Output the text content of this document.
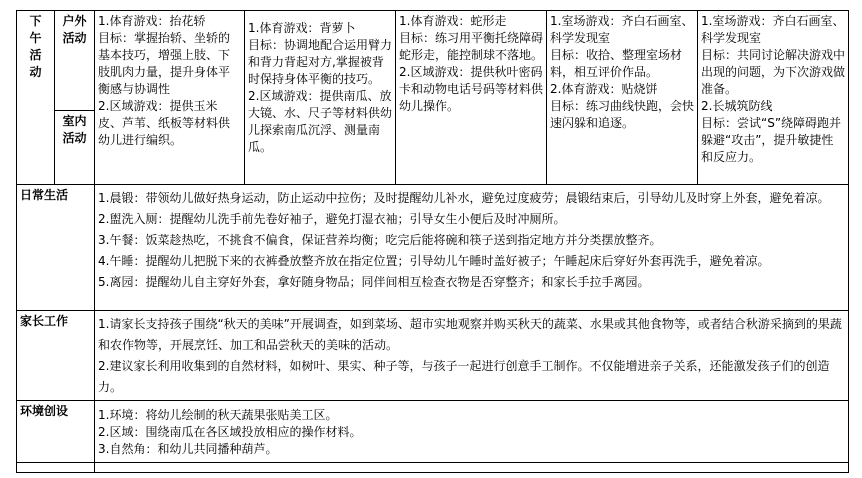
下午活动	户外活动	1.体育游戏：抬花轿
目标：掌握抬轿、坐轿的基本技巧，增强上肢、下肢肌肉力量，提升身体平衡感与协调性
2.区域游戏：提供玉米皮、芦苇、纸板等材料供幼儿进行编织。	1.体育游戏：背萝卜
目标：协调地配合运用臂力和背力背起对方,掌握被背时保持身体平衡的技巧。
2.区域游戏：提供南瓜、放大镜、水、尺子等材料供幼儿探索南瓜沉浮、测量南瓜。	1.体育游戏：蛇形走
目标：练习用平衡托绕障碍蛇形走，能控制球不落地。
2.区域游戏：提供秋叶密码卡和动物电话号码等材料供幼儿操作。	1.室场游戏：齐白石画室、科学发现室
目标：收拾、整理室场材料，相互评价作品。
2.体育游戏：贴烧饼
目标：练习曲线快跑，会快速闪躲和追逐。	1.室场游戏：齐白石画室、科学发现室
目标：共同讨论解决游戏中出现的问题，为下次游戏做准备。
2.长城筑防线
目标：尝试“S”绕障碍跑并躲避“攻击”，提升敏捷性和反应力。

	室内活动					
日常生活		1.晨锻：带领幼儿做好热身运动，防止运动中拉伤；及时提醒幼儿补水，避免过度疲劳；晨锻结束后，引导幼儿及时穿上外套，避免着凉。
2.盥洗入厕：提醒幼儿洗手前先卷好袖子，避免打湿衣袖；引导女生小便后及时冲厕所。
3.午餐：饭菜趁热吃，不挑食不偏食，保证营养均衡；吃完后能将碗和筷子送到指定地方并分类摆放整齐。
4.午睡：提醒幼儿把脱下来的衣裤叠放整齐放在指定位置；引导幼儿午睡时盖好被子；午睡起床后穿好外套再洗手，避免着凉。
5.离园：提醒幼儿自主穿好外套，拿好随身物品；同伴间相互检查衣物是否穿整齐；和家长手拉手离园。				

家长工作		1.请家长支持孩子围绕“秋天的美味”开展调查，如到菜场、超市实地观察并购买秋天的蔬菜、水果或其他食物等，或者结合秋游采摘到的果蔬和农作物等，开展烹饪、加工和品尝秋天的美味的活动。
2.建议家长利用收集到的自然材料，如树叶、果实、种子等，与孩子一起进行创意手工制作。不仅能增进亲子关系，还能激发孩子们的创造力。				

环境创设		1.环境：将幼儿绘制的秋天蔬果张贴美工区。
2.区域：围绕南瓜在各区域投放相应的操作材料。
3.自然角：和幼儿共同播种葫芦。				
